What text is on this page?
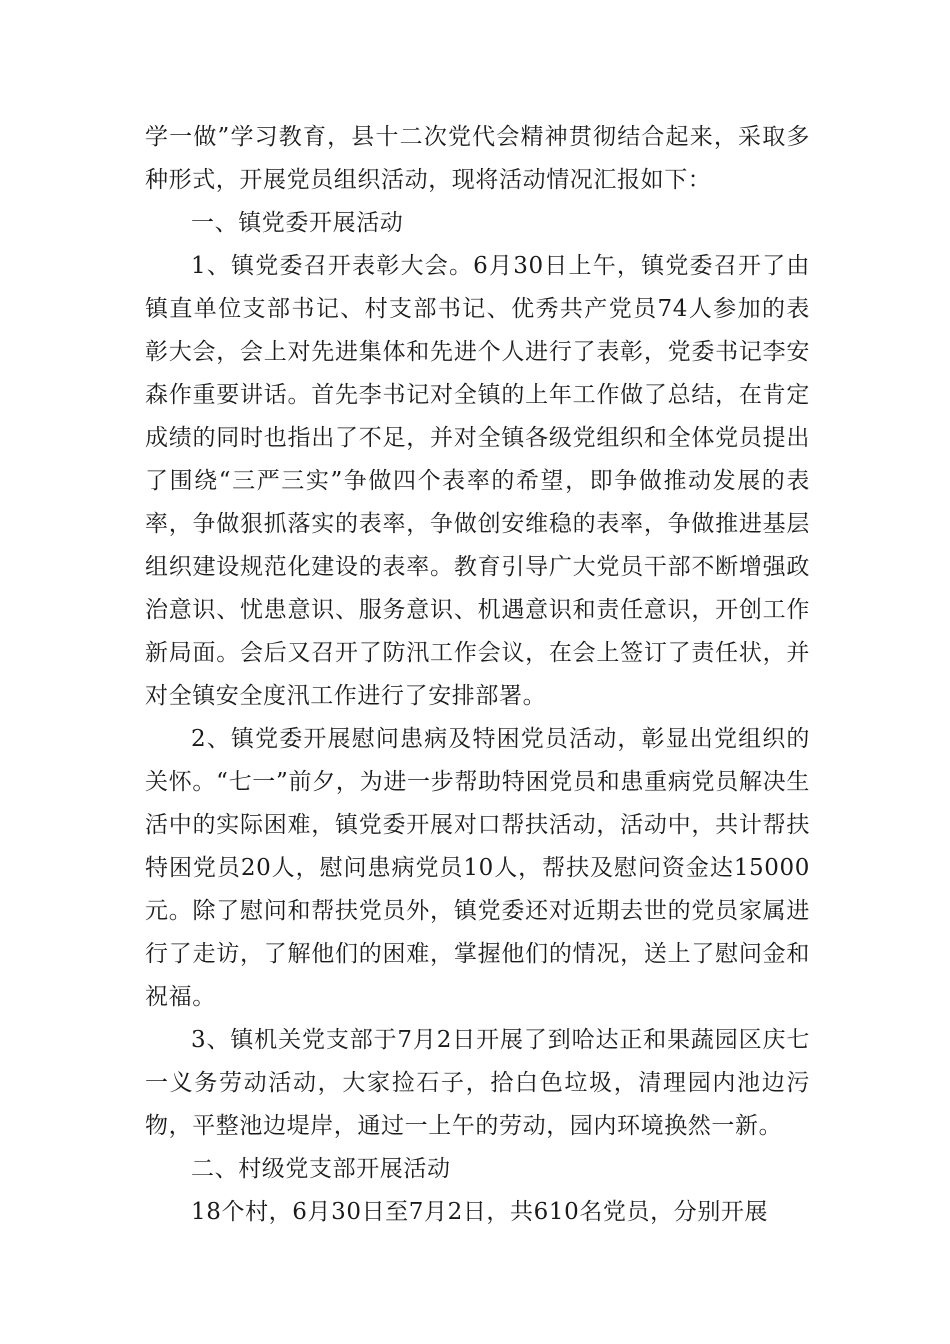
学一做”学习教育，县十二次党代会精神贯彻结合起来，采取多种形式，开展党员组织活动，现将活动情况汇报如下：

一、镇党委开展活动

1、镇党委召开表彰大会。6月30日上午，镇党委召开了由镇直单位支部书记、村支部书记、优秀共产党员74人参加的表彰大会，会上对先进集体和先进个人进行了表彰，党委书记李安森作重要讲话。首先李书记对全镇的上年工作做了总结，在肯定成绩的同时也指出了不足，并对全镇各级党组织和全体党员提出了围绕“三严三实”争做四个表率的希望，即争做推动发展的表率，争做狠抓落实的表率，争做创安维稳的表率，争做推进基层组织建设规范化建设的表率。教育引导广大党员干部不断增强政治意识、忧患意识、服务意识、机遇意识和责任意识，开创工作新局面。会后又召开了防汛工作会议，在会上签订了责任状，并对全镇安全度汛工作进行了安排部署。

2、镇党委开展慰问患病及特困党员活动，彰显出党组织的关怀。“七一”前夕，为进一步帮助特困党员和患重病党员解决生活中的实际困难，镇党委开展对口帮扶活动，活动中，共计帮扶特困党员20人，慰问患病党员10人，帮扶及慰问资金达15000元。除了慰问和帮扶党员外，镇党委还对近期去世的党员家属进行了走访，了解他们的困难，掌握他们的情况，送上了慰问金和祝福。

3、镇机关党支部于7月2日开展了到哈达正和果蔬园区庆七一义务劳动活动，大家捡石子，拾白色垃圾，清理园内池边污物，平整池边堤岸，通过一上午的劳动，园内环境换然一新。

二、村级党支部开展活动

18个村，6月30日至7月2日，共610名党员，分别开展
